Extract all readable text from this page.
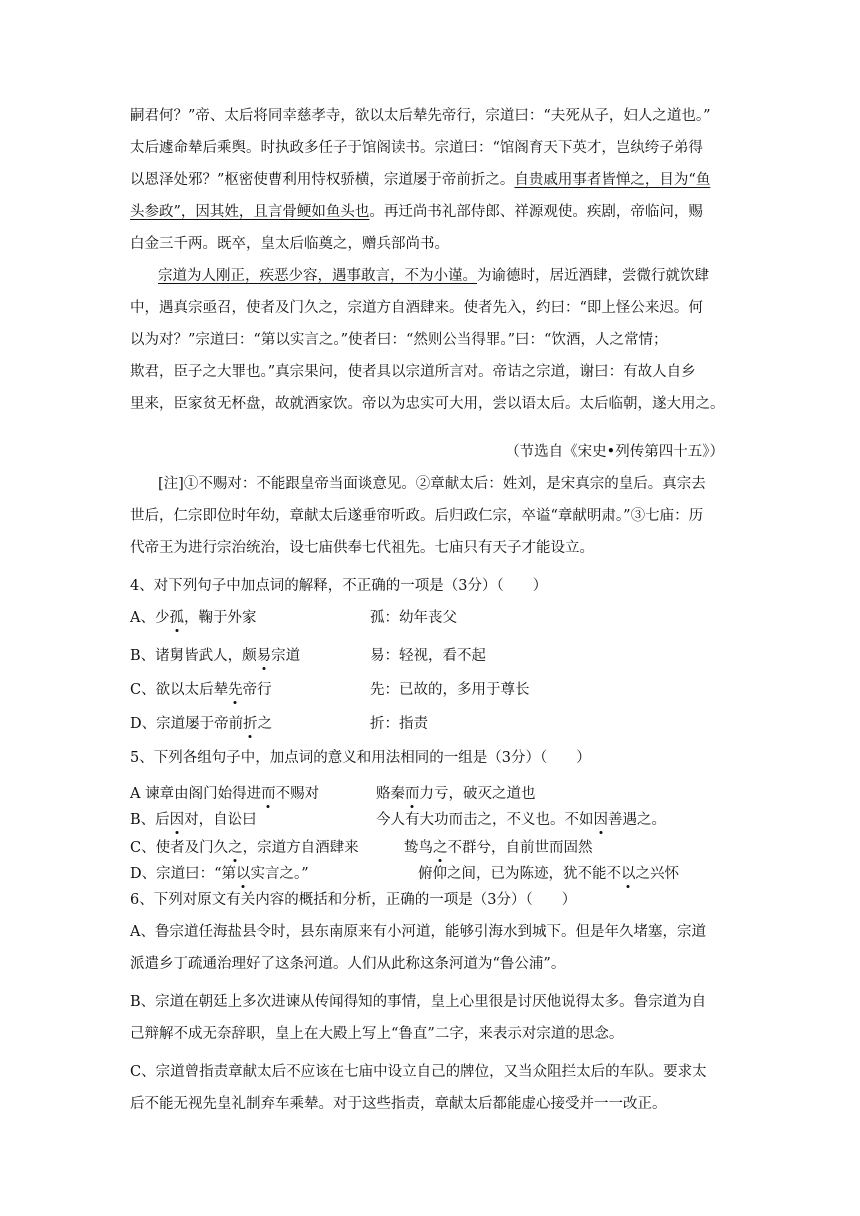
嗣君何？”帝、太后将同幸慈孝寺，欲以太后辇先帝行，宗道曰：“夫死从子，妇人之道也。”
太后遽命辇后乘舆。时执政多任子于馆阁读书。宗道曰：“馆阁育天下英才，岂纨绔子弟得
以恩泽处邪？”枢密使曹利用恃权骄横，宗道屡于帝前折之。自贵戚用事者皆惮之，目为“鱼
头参政”，因其姓，且言骨鲠如鱼头也。再迁尚书礼部侍郎、祥源观使。疾剧，帝临问，赐
白金三千两。既卒，皇太后临奠之，赠兵部尚书。
宗道为人刚正，疾恶少容，遇事敢言，不为小谨。为谕德时，居近酒肆，尝微行就饮肆
中，遇真宗亟召，使者及门久之，宗道方自酒肆来。使者先入，约曰：“即上怪公来迟。何
以为对？”宗道曰：“第以实言之。”使者曰：“然则公当得罪。”曰：“饮酒，人之常情；
欺君，臣子之大罪也。”真宗果问，使者具以宗道所言对。帝诘之宗道，谢曰：有故人自乡
里来，臣家贫无杯盘，故就酒家饮。帝以为忠实可大用，尝以语太后。太后临朝，遂大用之。
（节选自《宋史•列传第四十五》）
[注]①不赐对：不能跟皇帝当面谈意见。②章献太后：姓刘，是宋真宗的皇后。真宗去
世后，仁宗即位时年幼，章献太后遂垂帘听政。后归政仁宗，卒谥“章献明肃。”③七庙：历
代帝王为进行宗治统治，设七庙供奉七代祖先。七庙只有天子才能设立。
4、对下列句子中加点词的解释，不正确的一项是（3分）（　　）
A、少孤，鞠于外家	孤：幼年丧父
B、诸舅皆武人，颇易宗道	易：轻视，看不起
C、欲以太后辇先帝行	先：已故的，多用于尊长
D、宗道屡于帝前折之	折：指责
5、下列各组句子中，加点词的意义和用法相同的一组是（3分）（　　）
A 谏章由阁门始得进而不赐对	赂秦而力亏，破灭之道也
B、后因对，自讼曰	今人有大功而击之，不义也。不如因善遇之。
C、使者及门久之，宗道方自酒肆来	鸷鸟之不群兮，自前世而固然
D、宗道曰：“第以实言之。”	俯仰之间，已为陈迹，犹不能不以之兴怀
6、下列对原文有关内容的概括和分析，正确的一项是（3分）（　　）
A、鲁宗道任海盐县令时，县东南原来有小河道，能够引海水到城下。但是年久堵塞，宗道
派遣乡丁疏通治理好了这条河道。人们从此称这条河道为“鲁公浦”。
B、宗道在朝廷上多次进谏从传闻得知的事情，皇上心里很是讨厌他说得太多。鲁宗道为自
己辩解不成无奈辞职，皇上在大殿上写上“鲁直”二字，来表示对宗道的思念。
C、宗道曾指责章献太后不应该在七庙中设立自己的牌位，又当众阻拦太后的车队。要求太
后不能无视先皇礼制弃车乘辇。对于这些指责，章献太后都能虚心接受并一一改正。
